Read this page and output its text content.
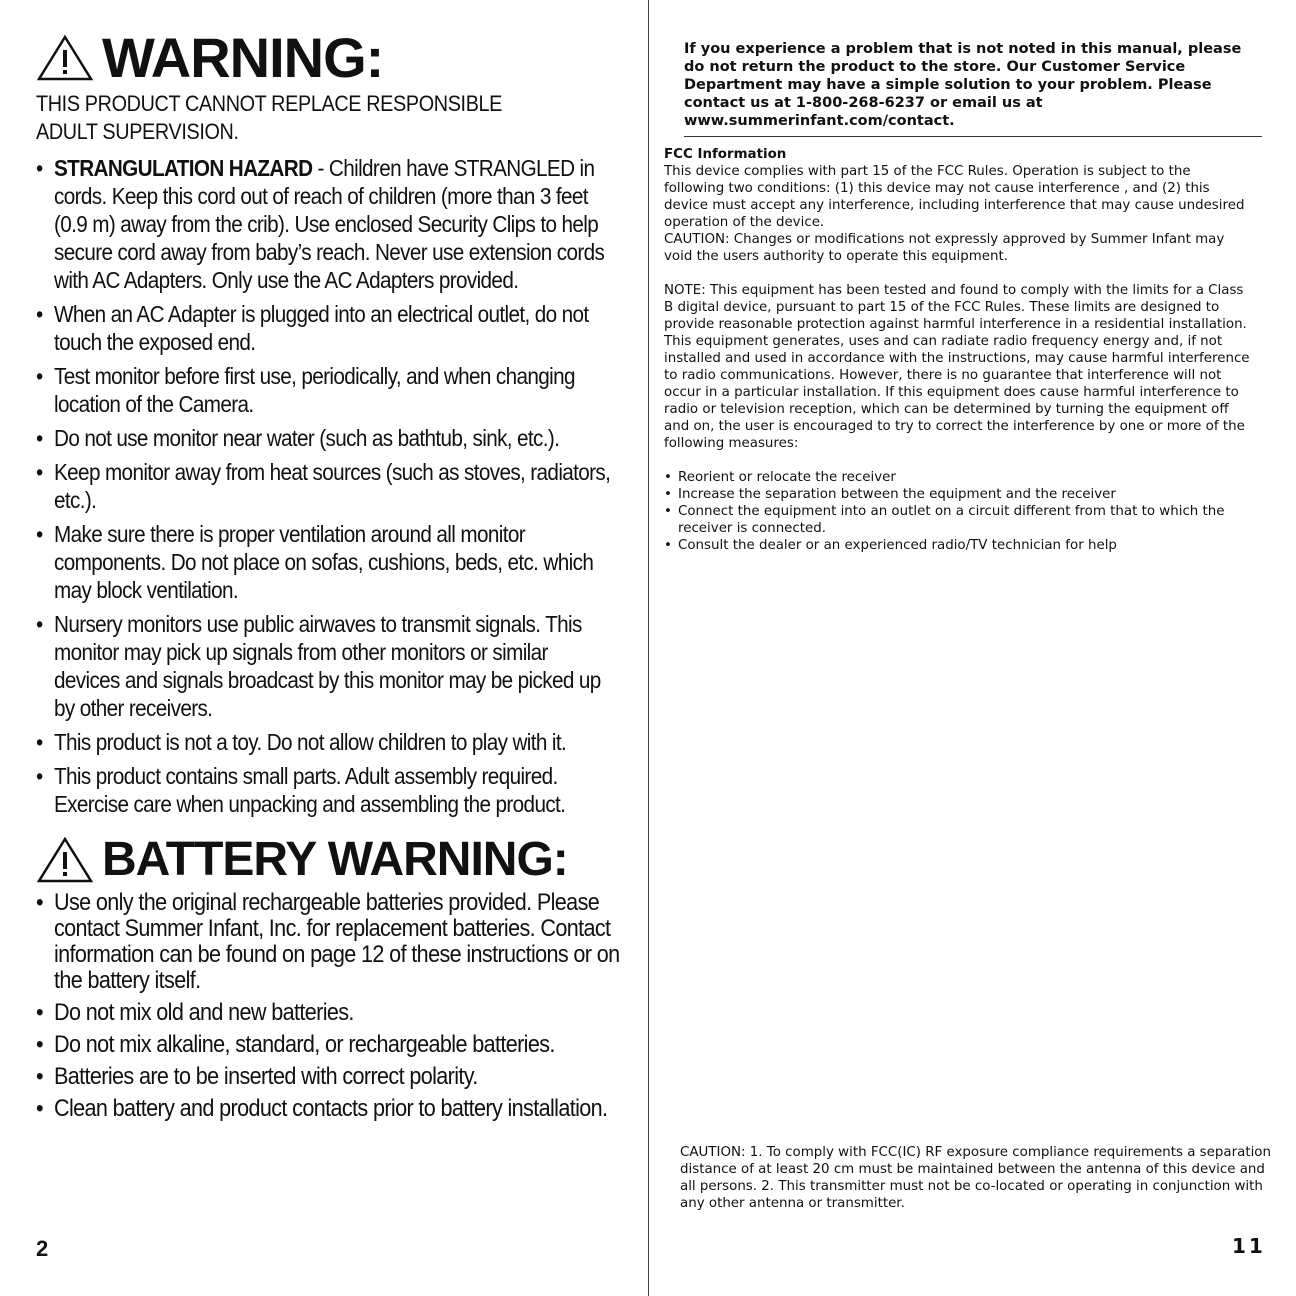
WARNING:

THIS PRODUCT CANNOT REPLACE RESPONSIBLE

ADULT SUPERVISION.

• STRANGULATION HAZARD - Children have STRANGLED in cords. Keep this cord out of reach of children (more than 3 feet (0.9 m) away from the crib). Use enclosed Security Clips to help secure cord away from baby’s reach. Never use extension cords with AC Adapters. Only use the AC Adapters provided.
• When an AC Adapter is plugged into an electrical outlet, do not touch the exposed end.
• Test monitor before first use, periodically, and when changing location of the Camera.
• Do not use monitor near water (such as bathtub, sink, etc.).
• Keep monitor away from heat sources (such as stoves, radiators, etc.).
• Make sure there is proper ventilation around all monitor components. Do not place on sofas, cushions, beds, etc. which may block ventilation.
• Nursery monitors use public airwaves to transmit signals. This monitor may pick up signals from other monitors or similar devices and signals broadcast by this monitor may be picked up by other receivers.
• This product is not a toy. Do not allow children to play with it.
• This product contains small parts. Adult assembly required. Exercise care when unpacking and assembling the product.
BATTERY WARNING:
• Use only the original rechargeable batteries provided. Please contact Summer Infant, Inc. for replacement batteries. Contact information can be found on page 12 of these instructions or on the battery itself.
• Do not mix old and new batteries.
• Do not mix alkaline, standard, or rechargeable batteries.
• Batteries are to be inserted with correct polarity.
• Clean battery and product contacts prior to battery installation.
2

If you experience a problem that is not noted in this manual, please do not return the product to the store. Our Customer Service Department may have a simple solution to your problem. Please contact us at 1-800-268-6237 or email us at www.summerinfant.com/contact.

FCC Information

This device complies with part 15 of the FCC Rules. Operation is subject to the following two conditions: (1) this device may not cause interference , and (2) this device must accept any interference, including interference that may cause undesired operation of the device.

CAUTION: Changes or modifications not expressly approved by Summer Infant may void the users authority to operate this equipment.

NOTE: This equipment has been tested and found to comply with the limits for a Class B digital device, pursuant to part 15 of the FCC Rules. These limits are designed to provide reasonable protection against harmful interference in a residential installation. This equipment generates, uses and can radiate radio frequency energy and, if not installed and used in accordance with the instructions, may cause harmful interference to radio communications. However, there is no guarantee that interference will not occur in a particular installation. If this equipment does cause harmful interference to radio or television reception, which can be determined by turning the equipment off and on, the user is encouraged to try to correct the interference by one or more of the following measures:

• Reorient or relocate the receiver
• Increase the separation between the equipment and the receiver
• Connect the equipment into an outlet on a circuit different from that to which the receiver is connected.
• Consult the dealer or an experienced radio/TV technician for help

CAUTION: 1. To comply with FCC(IC) RF exposure compliance requirements a separation distance of at least 20 cm must be maintained between the antenna of this device and all persons. 2. This transmitter must not be co-located or operating in conjunction with any other antenna or transmitter.

11
